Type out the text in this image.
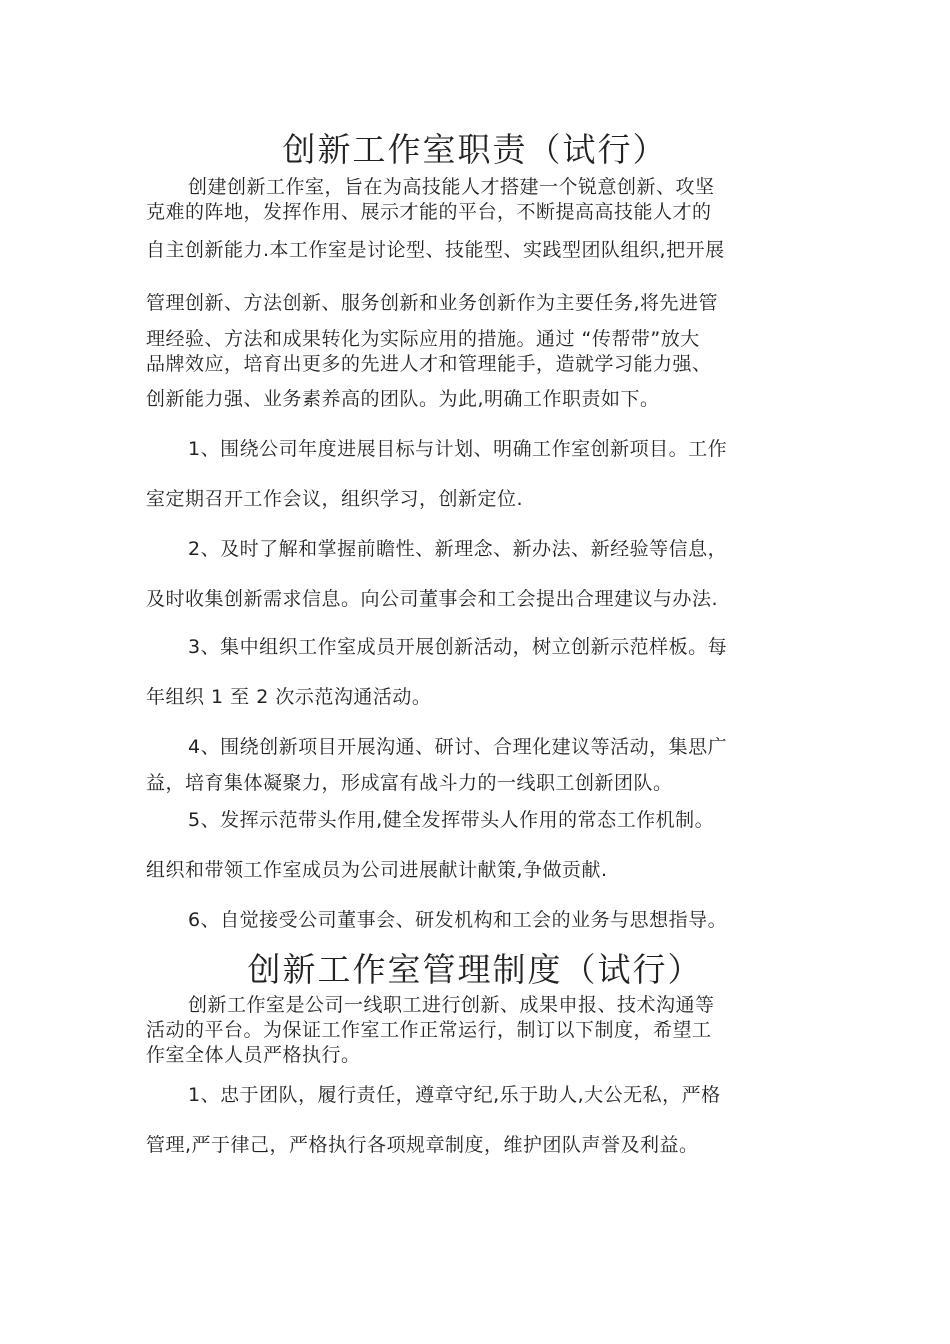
创新工作室职责（试行）

创建创新工作室，旨在为高技能人才搭建一个锐意创新、攻坚

克难的阵地，发挥作用、展示才能的平台，不断提高高技能人才的

自主创新能力.本工作室是讨论型、技能型、实践型团队组织,把开展

管理创新、方法创新、服务创新和业务创新作为主要任务,将先进管

理经验、方法和成果转化为实际应用的措施。通过 “传帮带”放大

品牌效应，培育出更多的先进人才和管理能手，造就学习能力强、

创新能力强、业务素养高的团队。为此,明确工作职责如下。

1、围绕公司年度进展目标与计划、明确工作室创新项目。工作

室定期召开工作会议，组织学习，创新定位.

2、及时了解和掌握前瞻性、新理念、新办法、新经验等信息，

及时收集创新需求信息。向公司董事会和工会提出合理建议与办法.

3、集中组织工作室成员开展创新活动，树立创新示范样板。每

年组织 1 至 2 次示范沟通活动。

4、围绕创新项目开展沟通、研讨、合理化建议等活动，集思广

益，培育集体凝聚力，形成富有战斗力的一线职工创新团队。

5、发挥示范带头作用,健全发挥带头人作用的常态工作机制。

组织和带领工作室成员为公司进展献计献策,争做贡献.

6、自觉接受公司董事会、研发机构和工会的业务与思想指导。

创新工作室管理制度（试行）

创新工作室是公司一线职工进行创新、成果申报、技术沟通等

活动的平台。为保证工作室工作正常运行，制订以下制度，希望工

作室全体人员严格执行。

1、忠于团队，履行责任，遵章守纪,乐于助人,大公无私，严格

管理,严于律己，严格执行各项规章制度，维护团队声誉及利益。
